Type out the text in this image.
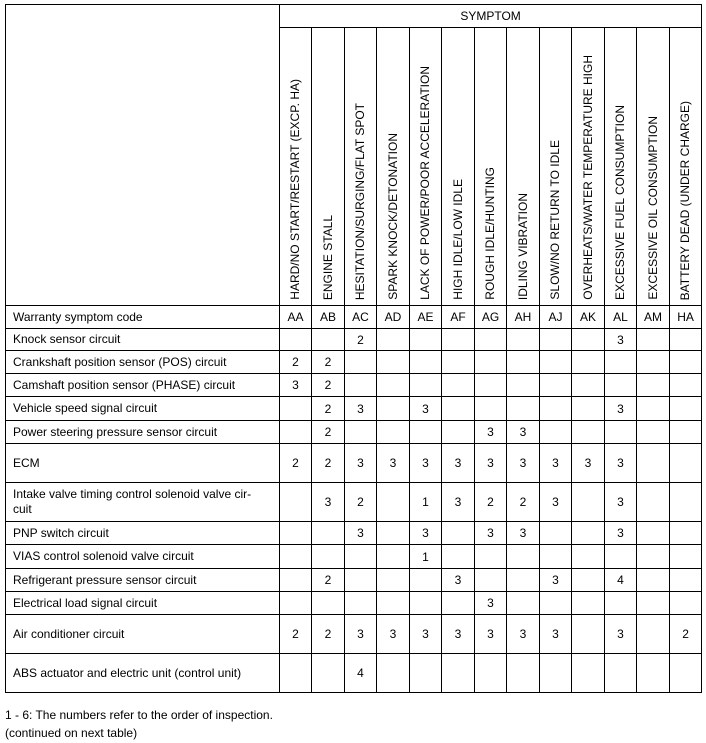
	SYMPTOM												
	HARD/NO START/RESTART (EXCP. HA)	ENGINE STALL	HESITATION/SURGING/FLAT SPOT	SPARK KNOCK/DETONATION	LACK OF POWER/POOR ACCELERATION	HIGH IDLE/LOW IDLE	ROUGH IDLE/HUNTING	IDLING VIBRATION	SLOW/NO RETURN TO IDLE	OVERHEATS/WATER TEMPERATURE HIGH	EXCESSIVE FUEL CONSUMPTION	EXCESSIVE OIL CONSUMPTION	BATTERY DEAD (UNDER CHARGE)
Warranty symptom code	AA	AB	AC	AD	AE	AF	AG	AH	AJ	AK	AL	AM	HA
Knock sensor circuit			2								3		
Crankshaft position sensor (POS) circuit	2	2											
Camshaft position sensor (PHASE) circuit	3	2											
Vehicle speed signal circuit		2	3		3						3		
Power steering pressure sensor circuit		2					3	3					
ECM	2	2	3	3	3	3	3	3	3	3	3		
Intake valve timing control solenoid valve cir-
cuit		3	2		1	3	2	2	3		3		
PNP switch circuit			3		3		3	3			3		
VIAS control solenoid valve circuit					1								
Refrigerant pressure sensor circuit		2				3			3		4		
Electrical load signal circuit							3						
Air conditioner circuit	2	2	3	3	3	3	3	3	3		3		2
ABS actuator and electric unit (control unit)			4										
1 - 6: The numbers refer to the order of inspection.
(continued on next table)
